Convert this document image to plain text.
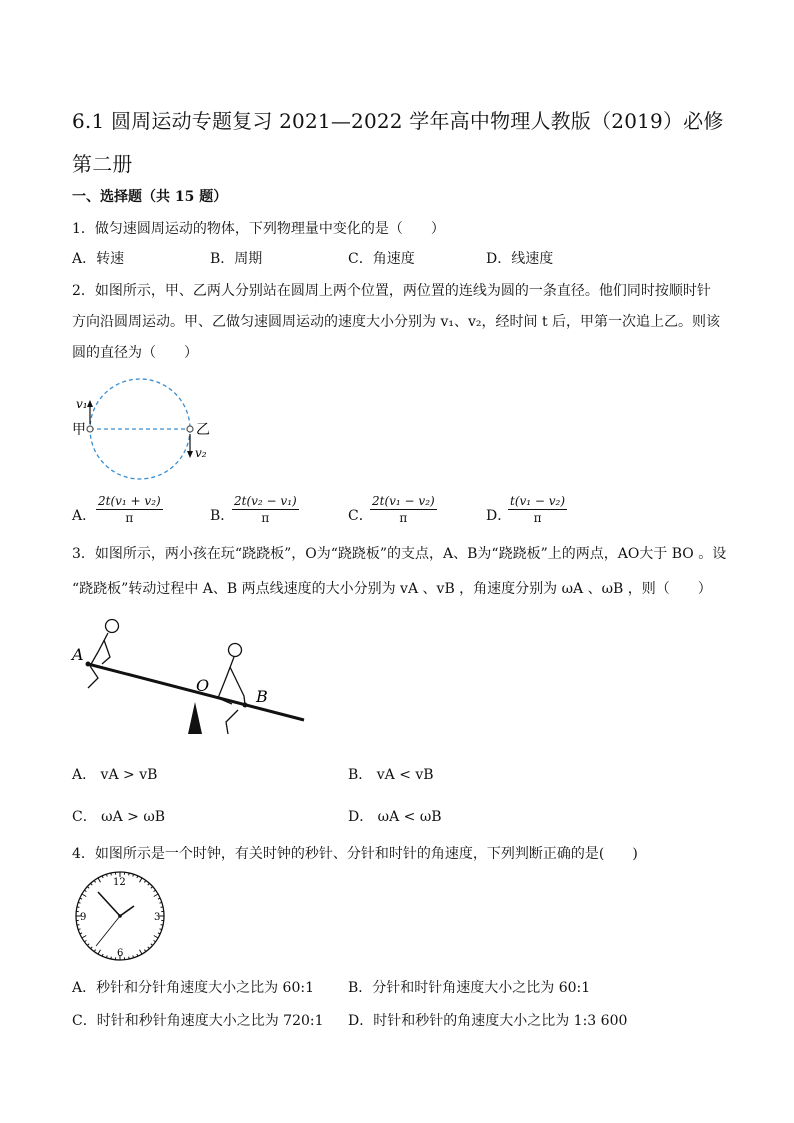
6.1 圆周运动专题复习 2021—2022 学年高中物理人教版（2019）必修
第二册
一、选择题（共 15 题）
1．做匀速圆周运动的物体，下列物理量中变化的是（　　）
A．转速	B．周期	C．角速度	D．线速度
2．如图所示，甲、乙两人分别站在圆周上两个位置，两位置的连线为圆的一条直径。他们同时按顺时针
方向沿圆周运动。甲、乙做匀速圆周运动的速度大小分别为 v₁、v₂，经时间 t 后，甲第一次追上乙。则该
圆的直径为（　　）
甲	乙
v₁
v₂
A． $\frac{\text{2t(v₁ + v₂)}}{\pi}$	B．
$\frac{\text{2t(v₂ − v₁)}}{\pi}$	C．
$\frac{\text{2t(v₁ − v₂)}}{\pi}$	D．
$\frac{\text{t(v₁ − v₂)}}{\pi}$
3．如图所示，两小孩在玩“跷跷板”，O为“跷跷板”的支点，A、B为“跷跷板”上的两点，AO大于 BO 。设
“跷跷板”转动过程中 A、B 两点线速度的大小分别为 vA 、vB ，角速度分别为 ωA 、ωB ，则（　　）
A
O
B
A． vA > vB	B． vA < vB
C． ωA > ωB	D． ωA < ωB
4．如图所示是一个时钟，有关时钟的秒针、分针和时针的角速度，下列判断正确的是(　　)
12
3
6
9
A．秒针和分针角速度大小之比为 60:1 B．分针和时针角速度大小之比为 60:1
C．时针和秒针角速度大小之比为 720:1 D．时针和秒针的角速度大小之比为 1:3 600
